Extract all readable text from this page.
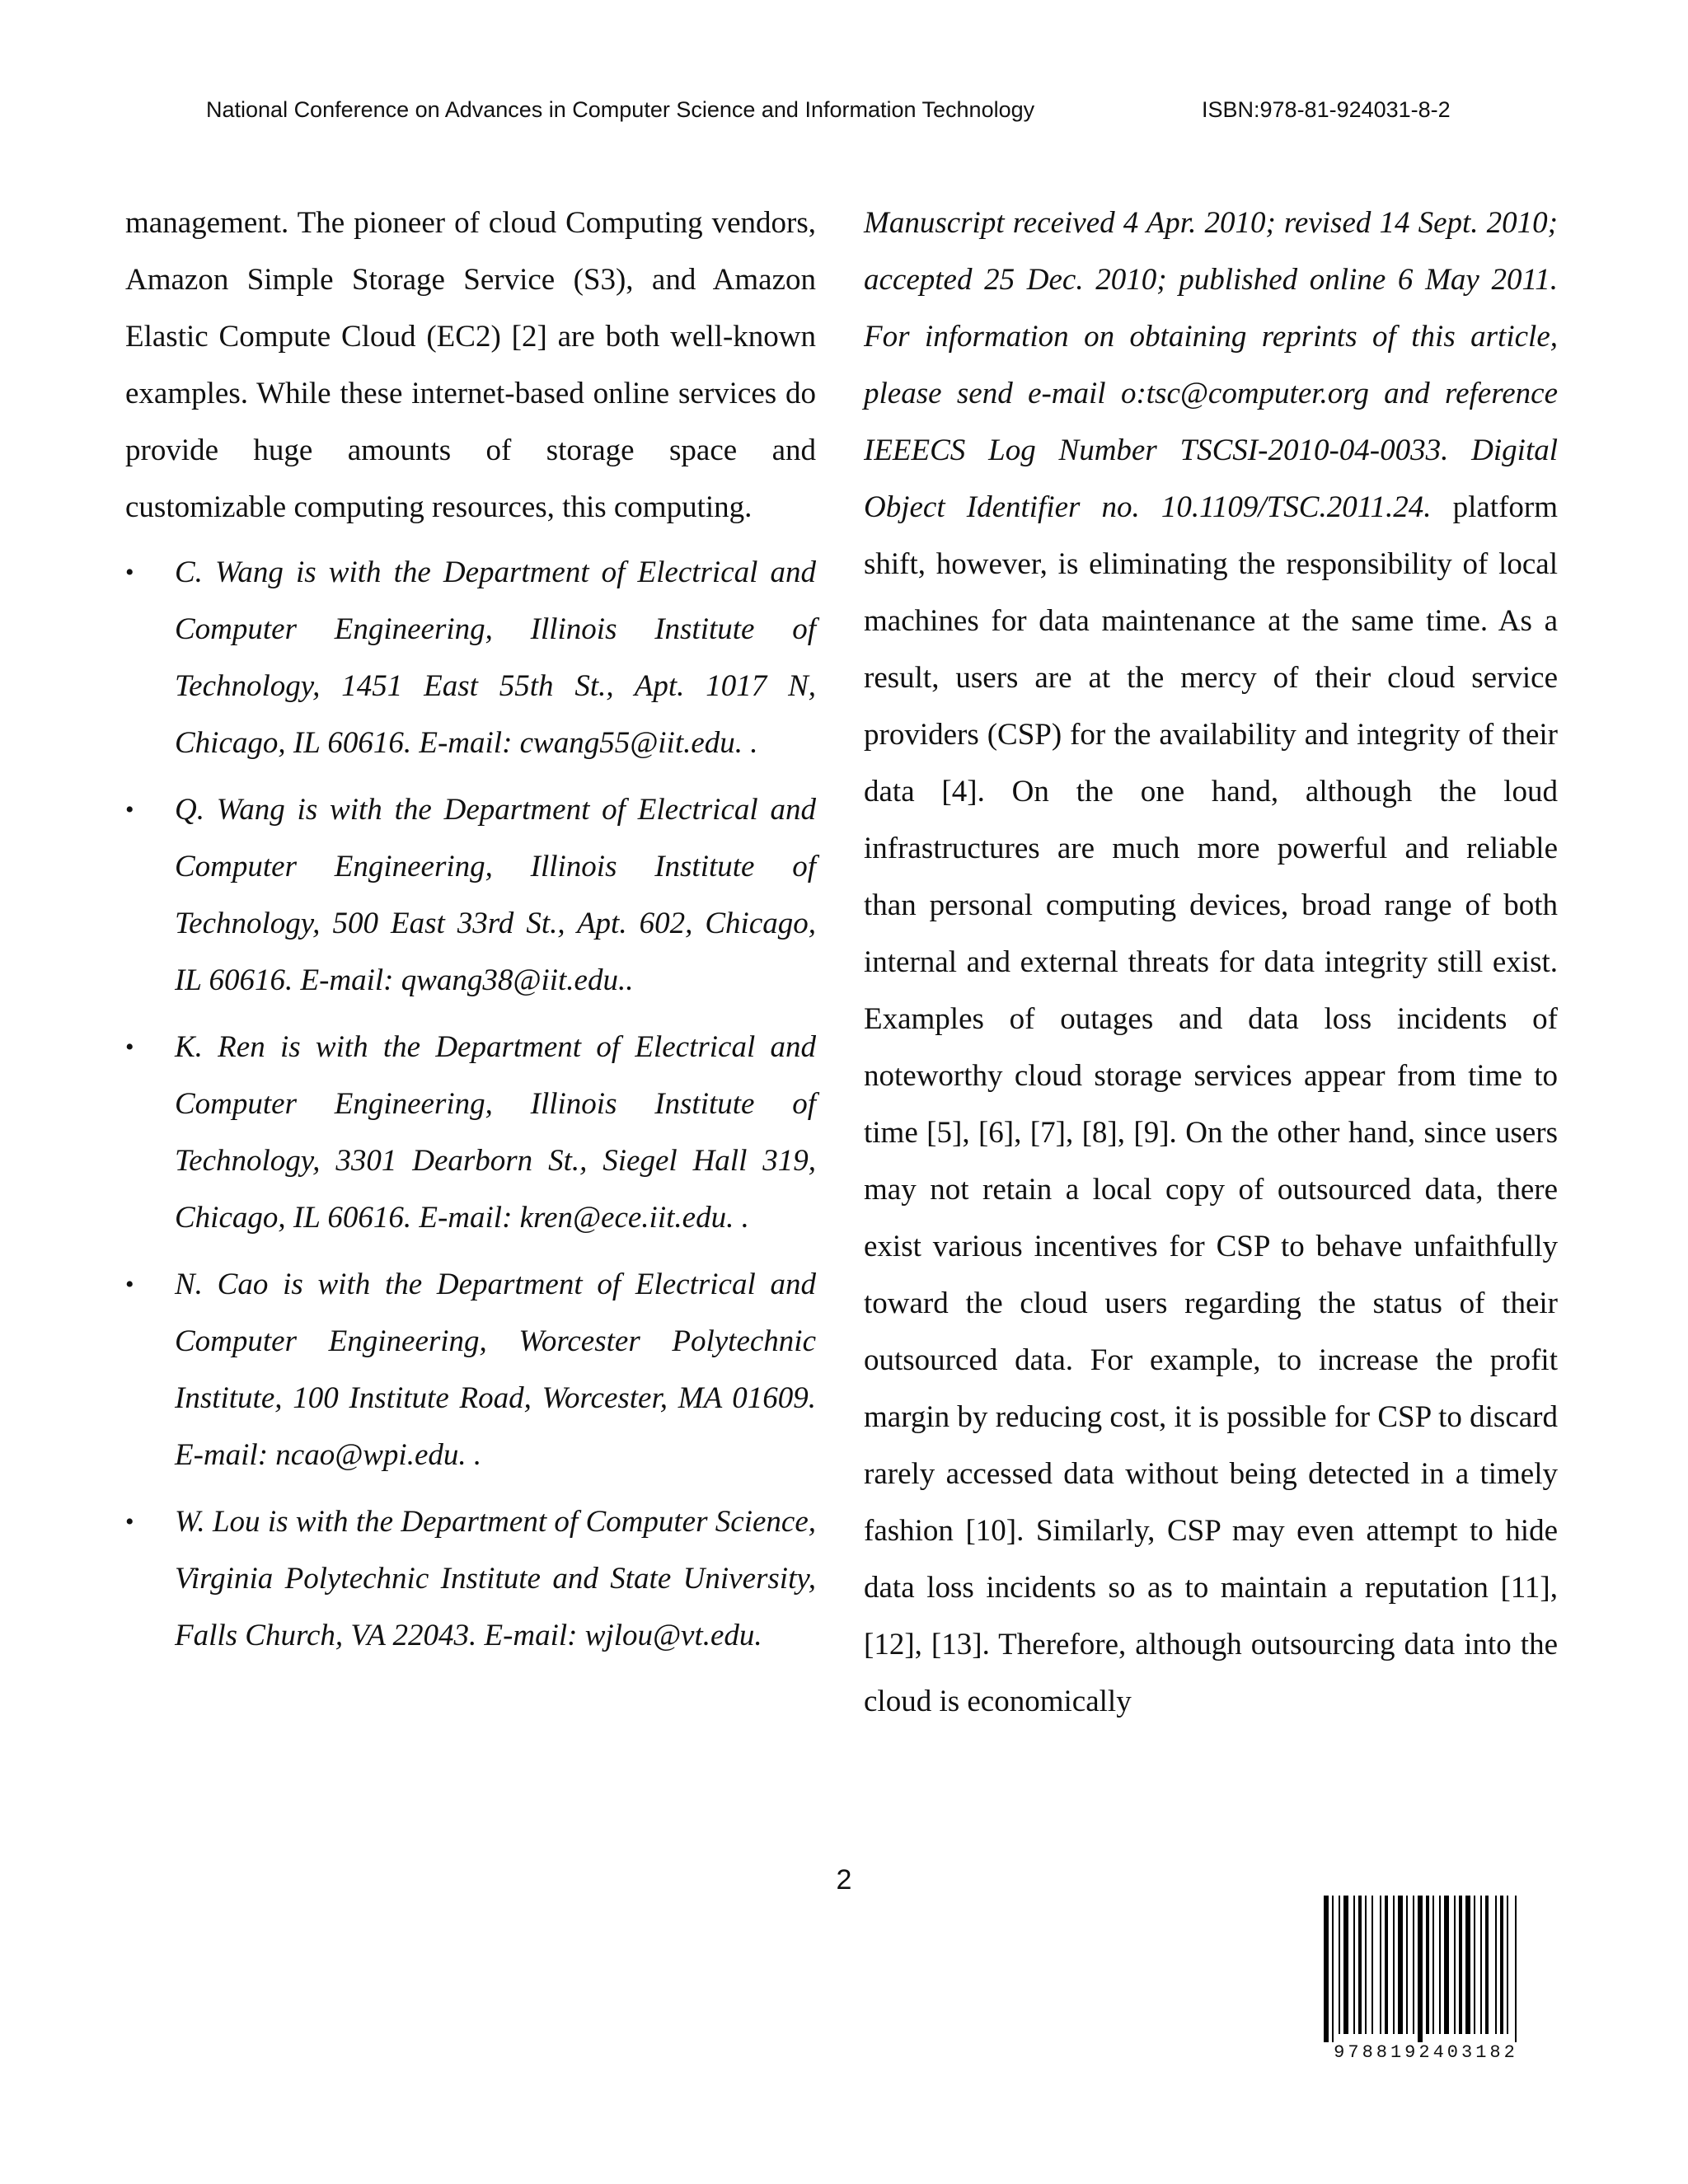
National Conference on Advances in Computer Science and Information Technology	ISBN:978-81-924031-8-2

management. The pioneer of cloud Computing vendors, Amazon Simple Storage Service (S3), and Amazon Elastic Compute Cloud (EC2) [2] are both well-known examples. While these internet-based online services do provide huge amounts of storage space and customizable computing resources, this computing.

•	C. Wang is with the Department of Electrical and Computer Engineering, Illinois Institute of Technology, 1451 East 55th St., Apt. 1017 N, Chicago, IL 60616. E-mail: cwang55@iit.edu. .
•	Q. Wang is with the Department of Electrical and Computer Engineering, Illinois Institute of Technology, 500 East 33rd St., Apt. 602, Chicago, IL 60616. E-mail: qwang38@iit.edu..
•	K. Ren is with the Department of Electrical and Computer Engineering, Illinois Institute of Technology, 3301 Dearborn St., Siegel Hall 319, Chicago, IL 60616. E-mail: kren@ece.iit.edu. .
•	N. Cao is with the Department of Electrical and Computer Engineering, Worcester Polytechnic Institute, 100 Institute Road, Worcester, MA 01609. E-mail: ncao@wpi.edu. .
•	W. Lou is with the Department of Computer Science, Virginia Polytechnic Institute and State University, Falls Church, VA 22043. E-mail: wjlou@vt.edu.

Manuscript received 4 Apr. 2010; revised 14 Sept. 2010; accepted 25 Dec. 2010; published online 6 May 2011. For information on obtaining reprints of this article, please send e-mail o:tsc@computer.org and reference IEEECS Log Number TSCSI-2010-04-0033. Digital Object Identifier no. 10.1109/TSC.2011.24. platform shift, however, is eliminating the responsibility of local machines for data maintenance at the same time. As a result, users are at the mercy of their cloud service providers (CSP) for the availability and integrity of their data [4]. On the one hand, although the loud infrastructures are much more powerful and reliable than personal computing devices, broad range of both internal and external threats for data integrity still exist. Examples of outages and data loss incidents of noteworthy cloud storage services appear from time to time [5], [6], [7], [8], [9]. On the other hand, since users may not retain a local copy of outsourced data, there exist various incentives for CSP to behave unfaithfully toward the cloud users regarding the status of their outsourced data. For example, to increase the profit margin by reducing cost, it is possible for CSP to discard rarely accessed data without being detected in a timely fashion [10]. Similarly, CSP may even attempt to hide data loss incidents so as to maintain a reputation [11], [12], [13]. Therefore, although outsourcing data into the cloud is economically

2
9788192403182
